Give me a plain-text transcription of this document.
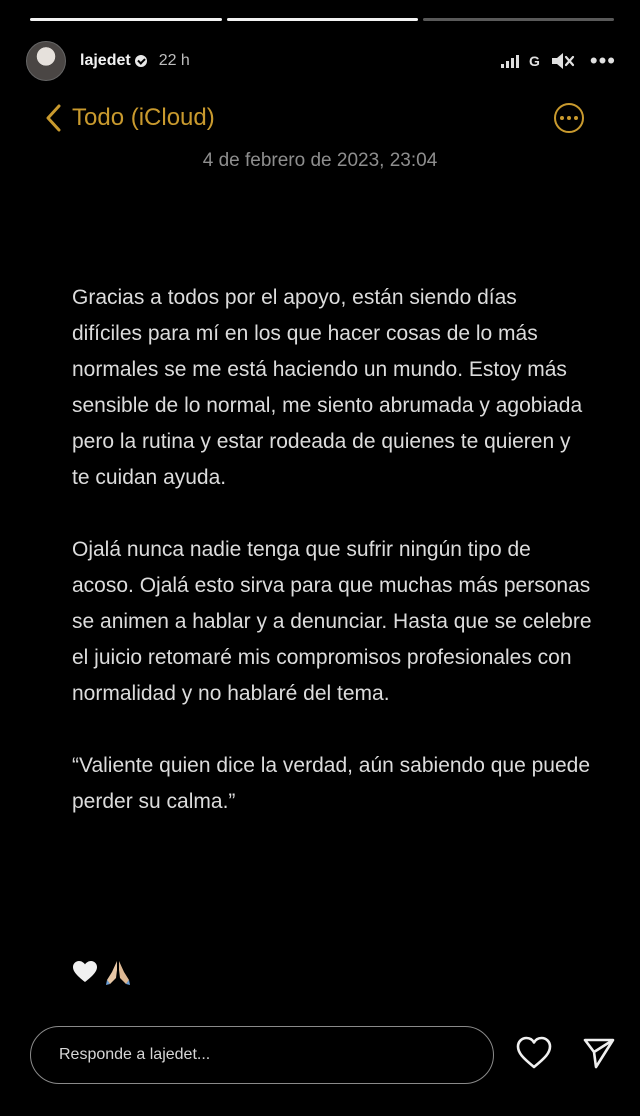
lajedet 22 h	G •••
Todo (iCloud)
4 de febrero de 2023, 23:04

Gracias a todos por el apoyo, están siendo días difíciles para mí en los que hacer cosas de lo más normales se me está haciendo un mundo. Estoy más sensible de lo normal, me siento abrumada y agobiada pero la rutina y estar rodeada de quienes te quieren y te cuidan ayuda.

Ojalá nunca nadie tenga que sufrir ningún tipo de acoso. Ojalá esto sirva para que muchas más personas se animen a hablar y a denunciar. Hasta que se celebre el juicio retomaré mis compromisos profesionales con normalidad y no hablaré del tema.

“Valiente quien dice la verdad, aún sabiendo que puede perder su calma.”

Responde a lajedet...
